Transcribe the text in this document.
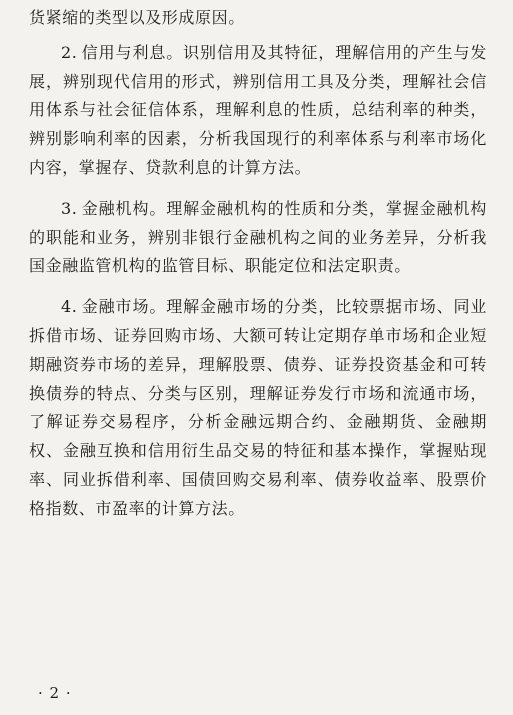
货紧缩的类型以及形成原因。

2. 信用与利息。识别信用及其特征，理解信用的产生与发展，辨别现代信用的形式，辨别信用工具及分类，理解社会信用体系与社会征信体系，理解利息的性质，总结利率的种类，辨别影响利率的因素，分析我国现行的利率体系与利率市场化内容，掌握存、贷款利息的计算方法。

3. 金融机构。理解金融机构的性质和分类，掌握金融机构的职能和业务，辨别非银行金融机构之间的业务差异，分析我国金融监管机构的监管目标、职能定位和法定职责。

4. 金融市场。理解金融市场的分类，比较票据市场、同业拆借市场、证券回购市场、大额可转让定期存单市场和企业短期融资券市场的差异，理解股票、债券、证券投资基金和可转换债券的特点、分类与区别，理解证券发行市场和流通市场，了解证券交易程序，分析金融远期合约、金融期货、金融期权、金融互换和信用衍生品交易的特征和基本操作，掌握贴现率、同业拆借利率、国债回购交易利率、债券收益率、股票价格指数、市盈率的计算方法。

· 2 ·
